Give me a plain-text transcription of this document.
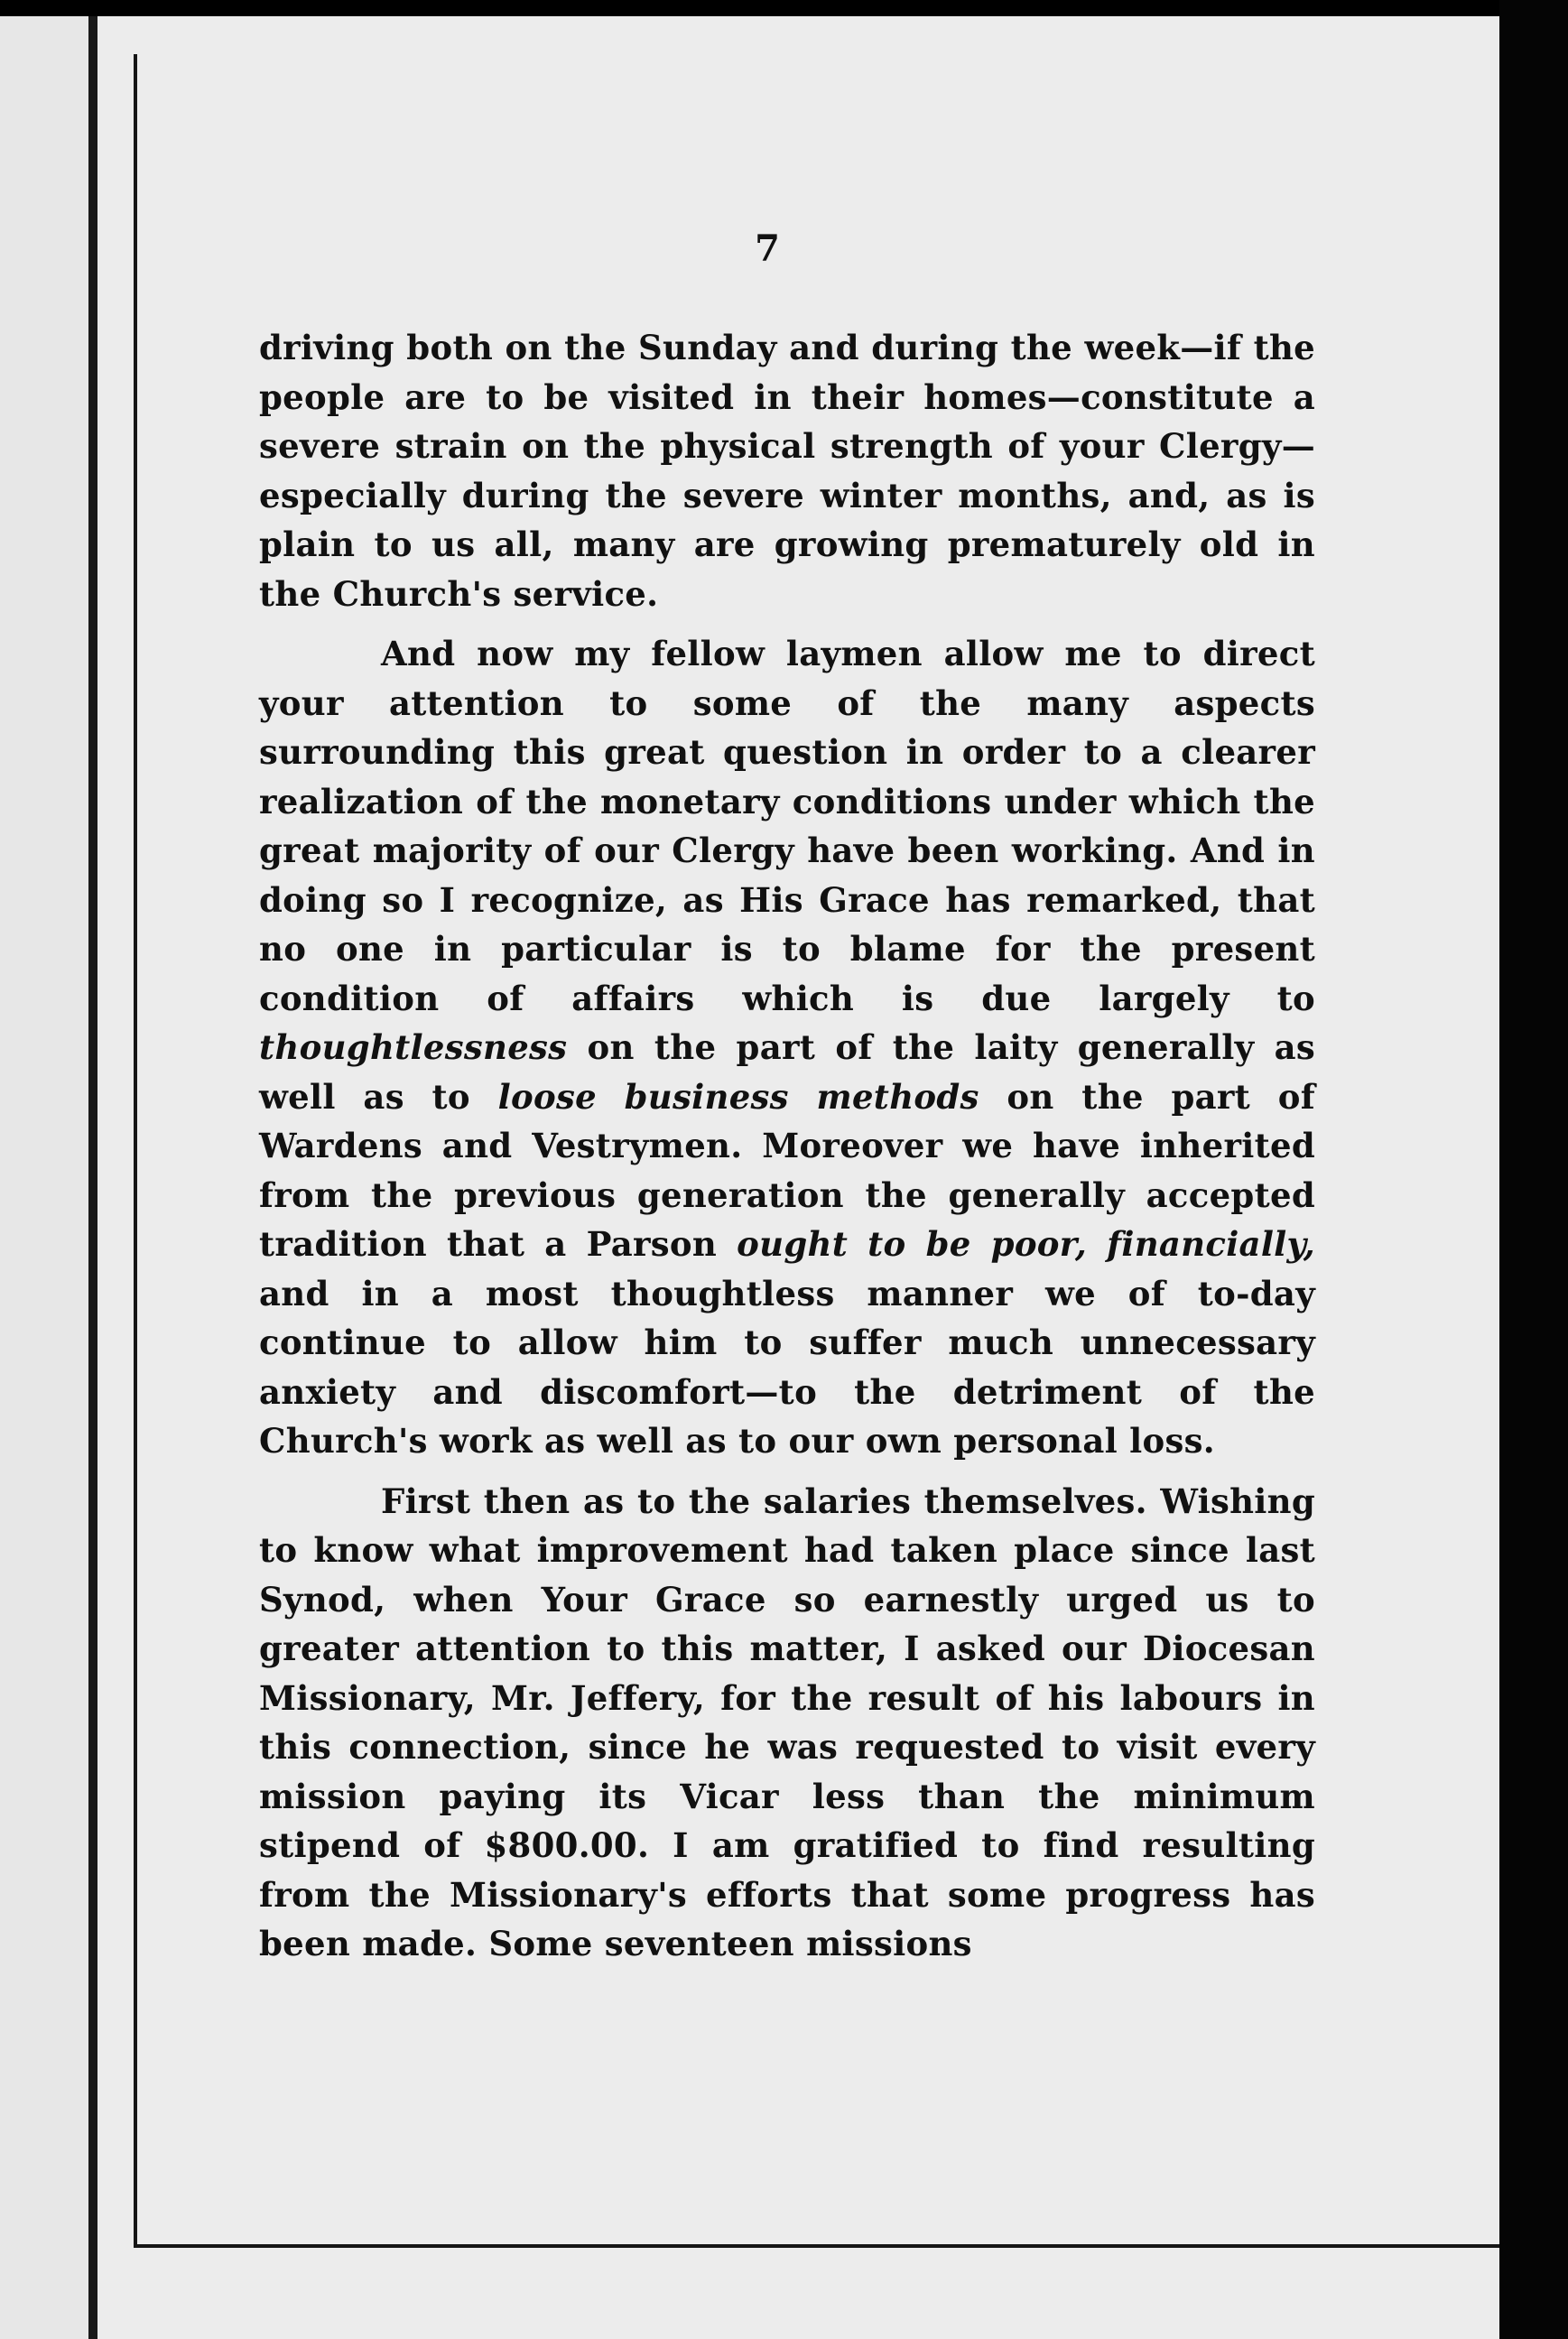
7

driving both on the Sunday and during the week—if the people are to be visited in their homes—constitute a severe strain on the physical strength of your Clergy—especially during the severe winter months, and, as is plain to us all, many are growing prematurely old in the Church's service.

And now my fellow laymen allow me to direct your attention to some of the many aspects surrounding this great question in order to a clearer realization of the monetary conditions under which the great majority of our Clergy have been working. And in doing so I recognize, as His Grace has remarked, that no one in particular is to blame for the present condition of affairs which is due largely to thoughtlessness on the part of the laity generally as well as to loose business methods on the part of Wardens and Vestrymen. Moreover we have inherited from the previous generation the generally accepted tradition that a Parson ought to be poor, financially, and in a most thoughtless manner we of to-day continue to allow him to suffer much unnecessary anxiety and discomfort—to the detriment of the Church's work as well as to our own personal loss.

First then as to the salaries themselves. Wishing to know what improvement had taken place since last Synod, when Your Grace so earnestly urged us to greater attention to this matter, I asked our Diocesan Missionary, Mr. Jeffery, for the result of his labours in this connection, since he was requested to visit every mission paying its Vicar less than the minimum stipend of $800.00. I am gratified to find resulting from the Missionary's efforts that some progress has been made. Some seventeen missions
